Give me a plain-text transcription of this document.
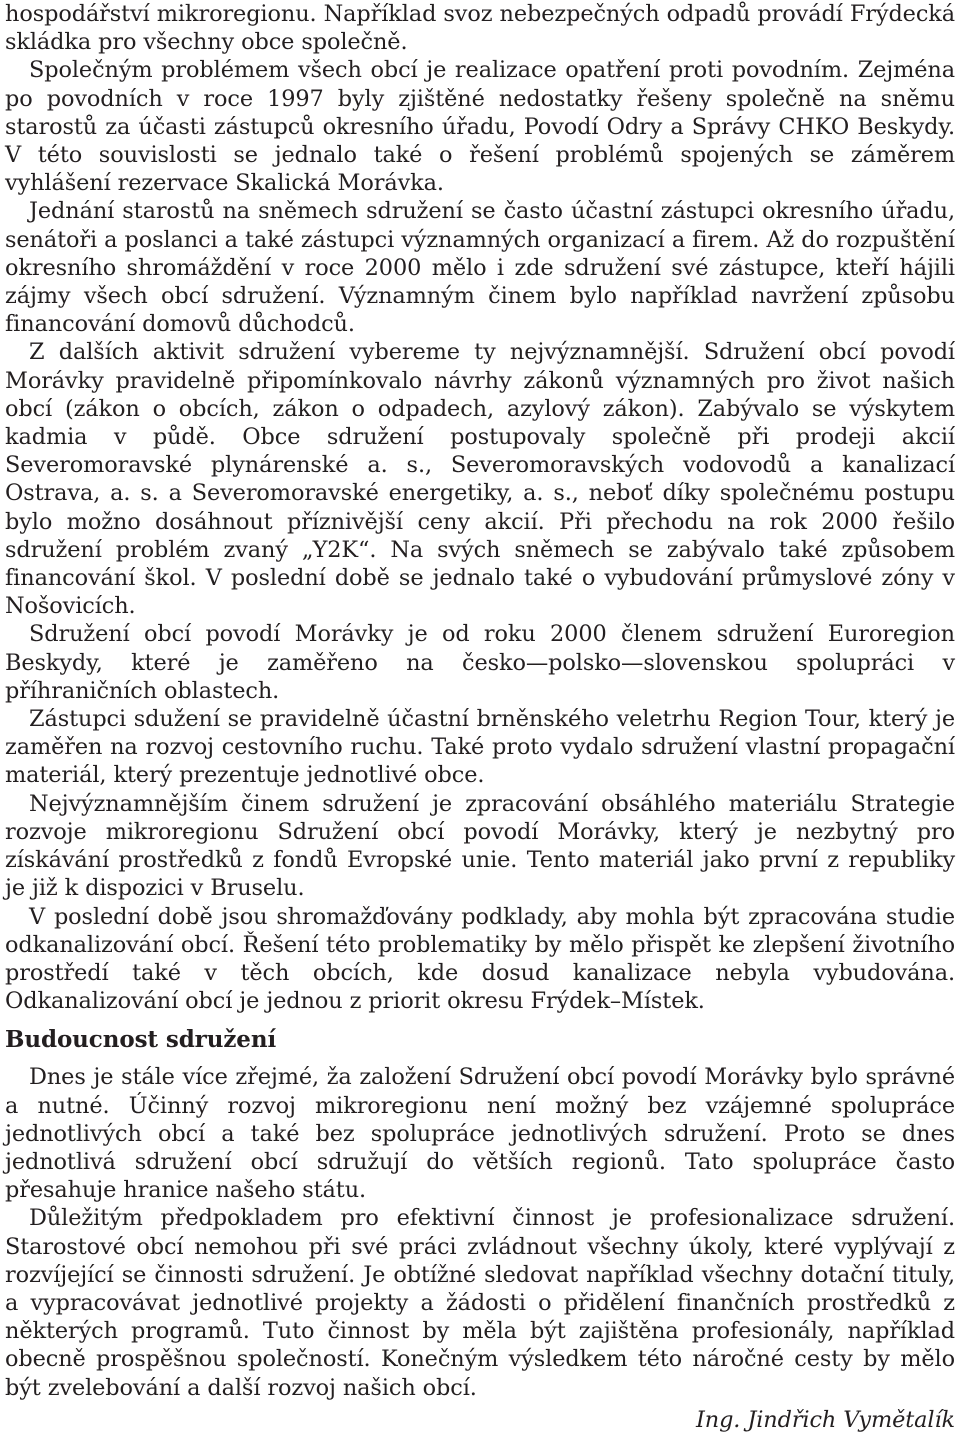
hospodářství mikroregionu. Například svoz nebezpečných odpadů provádí Frýdecká skládka pro všechny obce společně.

Společným problémem všech obcí je realizace opatření proti povodním. Zejména po povodních v roce 1997 byly zjištěné nedostatky řešeny společně na sněmu starostů za účasti zástupců okresního úřadu, Povodí Odry a Správy CHKO Beskydy. V této souvislosti se jednalo také o řešení problémů spojených se záměrem vyhlášení rezervace Skalická Morávka.

Jednání starostů na sněmech sdružení se často účastní zástupci okresního úřadu, senátoři a poslanci a také zástupci významných organizací a firem. Až do rozpuštění okresního shromáždění v roce 2000 mělo i zde sdružení své zástupce, kteří hájili zájmy všech obcí sdružení. Významným činem bylo například navržení způsobu financování domovů důchodců.

Z dalších aktivit sdružení vybereme ty nejvýznamnější. Sdružení obcí povodí Morávky pravidelně připomínkovalo návrhy zákonů významných pro život našich obcí (zákon o obcích, zákon o odpadech, azylový zákon). Zabývalo se výskytem kadmia v půdě. Obce sdružení postupovaly společně při prodeji akcií Severomoravské plynárenské a. s., Severomoravských vodovodů a kanalizací Ostrava, a. s. a Severomoravské energetiky, a. s., neboť díky společnému postupu bylo možno dosáhnout příznivější ceny akcií. Při přechodu na rok 2000 řešilo sdružení problém zvaný „Y2K“. Na svých sněmech se zabývalo také způsobem financování škol. V poslední době se jednalo také o vybudování průmyslové zóny v Nošovicích.

Sdružení obcí povodí Morávky je od roku 2000 členem sdružení Euroregion Beskydy, které je zaměřeno na česko—polsko—slovenskou spolupráci v příhraničních oblastech.

Zástupci sdužení se pravidelně účastní brněnského veletrhu Region Tour, který je zaměřen na rozvoj cestovního ruchu. Také proto vydalo sdružení vlastní propagační materiál, který prezentuje jednotlivé obce.

Nejvýznamnějším činem sdružení je zpracování obsáhlého materiálu Strategie rozvoje mikroregionu Sdružení obcí povodí Morávky, který je nezbytný pro získávání prostředků z fondů Evropské unie. Tento materiál jako první z republiky je již k dispozici v Bruselu.

V poslední době jsou shromažďovány podklady, aby mohla být zpracována studie odkanalizování obcí. Řešení této problematiky by mělo přispět ke zlepšení životního prostředí také v těch obcích, kde dosud kanalizace nebyla vybudována. Odkanalizování obcí je jednou z priorit okresu Frýdek–Místek.

Budoucnost sdružení

Dnes je stále více zřejmé, ža založení Sdružení obcí povodí Morávky bylo správné a nutné. Účinný rozvoj mikroregionu není možný bez vzájemné spolupráce jednotlivých obcí a také bez spolupráce jednotlivých sdružení. Proto se dnes jednotlivá sdružení obcí sdružují do větších regionů. Tato spolupráce často přesahuje hranice našeho státu.

Důležitým předpokladem pro efektivní činnost je profesionalizace sdružení. Starostové obcí nemohou při své práci zvládnout všechny úkoly, které vyplývají z rozvíjející se činnosti sdružení. Je obtížné sledovat například všechny dotační tituly, a vypracovávat jednotlivé projekty a žádosti o přidělení finančních prostředků z některých programů. Tuto činnost by měla být zajištěna profesionály, například obecně prospěšnou společností. Konečným výsledkem této náročné cesty by mělo být zvelebování a další rozvoj našich obcí.

Ing. Jindřich Vymětalík
